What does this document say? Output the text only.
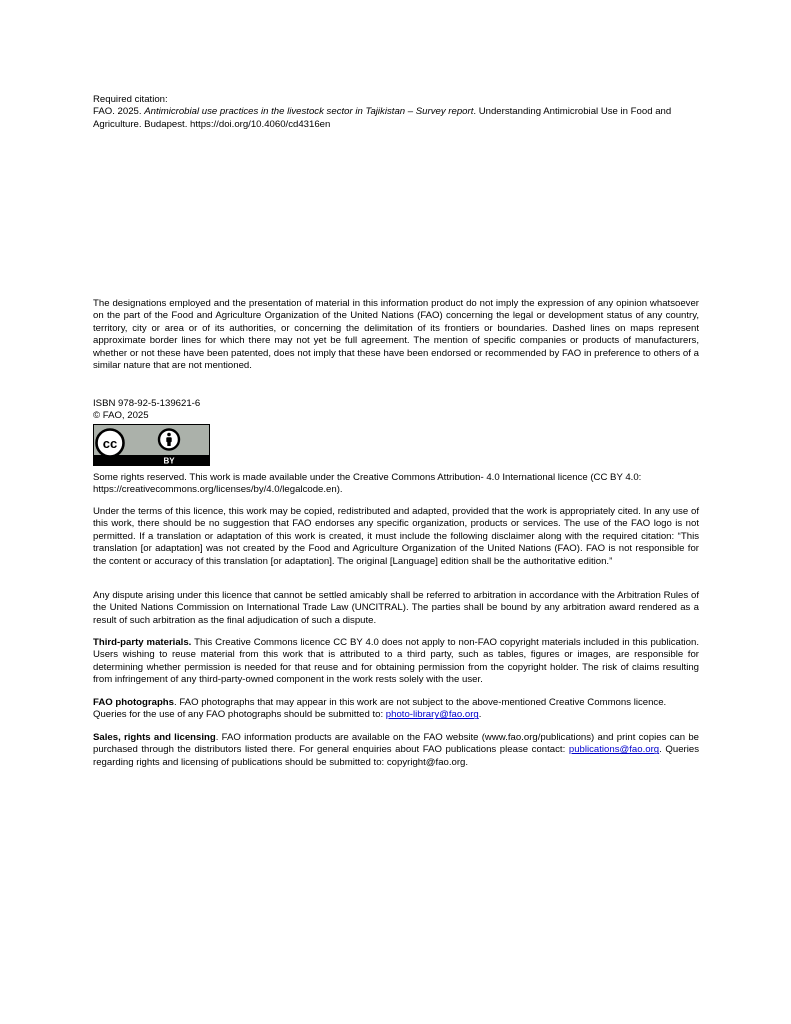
Required citation:

FAO. 2025. Antimicrobial use practices in the livestock sector in Tajikistan – Survey report. Understanding Antimicrobial Use in Food and Agriculture. Budapest. https://doi.org/10.4060/cd4316en

The designations employed and the presentation of material in this information product do not imply the expression of any opinion whatsoever on the part of the Food and Agriculture Organization of the United Nations (FAO) concerning the legal or development status of any country, territory, city or area or of its authorities, or concerning the delimitation of its frontiers or boundaries. Dashed lines on maps represent approximate border lines for which there may not yet be full agreement. The mention of specific companies or products of manufacturers, whether or not these have been patented, does not imply that these have been endorsed or recommended by FAO in preference to others of a similar nature that are not mentioned.

ISBN 978-92-5-139621-6

© FAO, 2025

cc
BY

Some rights reserved. This work is made available under the Creative Commons Attribution- 4.0 International licence (CC BY 4.0: https://creativecommons.org/licenses/by/4.0/legalcode.en).

Under the terms of this licence, this work may be copied, redistributed and adapted, provided that the work is appropriately cited. In any use of this work, there should be no suggestion that FAO endorses any specific organization, products or services. The use of the FAO logo is not permitted. If a translation or adaptation of this work is created, it must include the following disclaimer along with the required citation: “This translation [or adaptation] was not created by the Food and Agriculture Organization of the United Nations (FAO). FAO is not responsible for the content or accuracy of this translation [or adaptation]. The original [Language] edition shall be the authoritative edition.”

Any dispute arising under this licence that cannot be settled amicably shall be referred to arbitration in accordance with the Arbitration Rules of the United Nations Commission on International Trade Law (UNCITRAL). The parties shall be bound by any arbitration award rendered as a result of such arbitration as the final adjudication of such a dispute.

Third-party materials. This Creative Commons licence CC BY 4.0 does not apply to non-FAO copyright materials included in this publication. Users wishing to reuse material from this work that is attributed to a third party, such as tables, figures or images, are responsible for determining whether permission is needed for that reuse and for obtaining permission from the copyright holder. The risk of claims resulting from infringement of any third-party-owned component in the work rests solely with the user.

FAO photographs. FAO photographs that may appear in this work are not subject to the above-mentioned Creative Commons licence. Queries for the use of any FAO photographs should be submitted to: photo-library@fao.org.

Sales, rights and licensing. FAO information products are available on the FAO website (www.fao.org/publications) and print copies can be purchased through the distributors listed there. For general enquiries about FAO publications please contact: publications@fao.org. Queries regarding rights and licensing of publications should be submitted to: copyright@fao.org.
